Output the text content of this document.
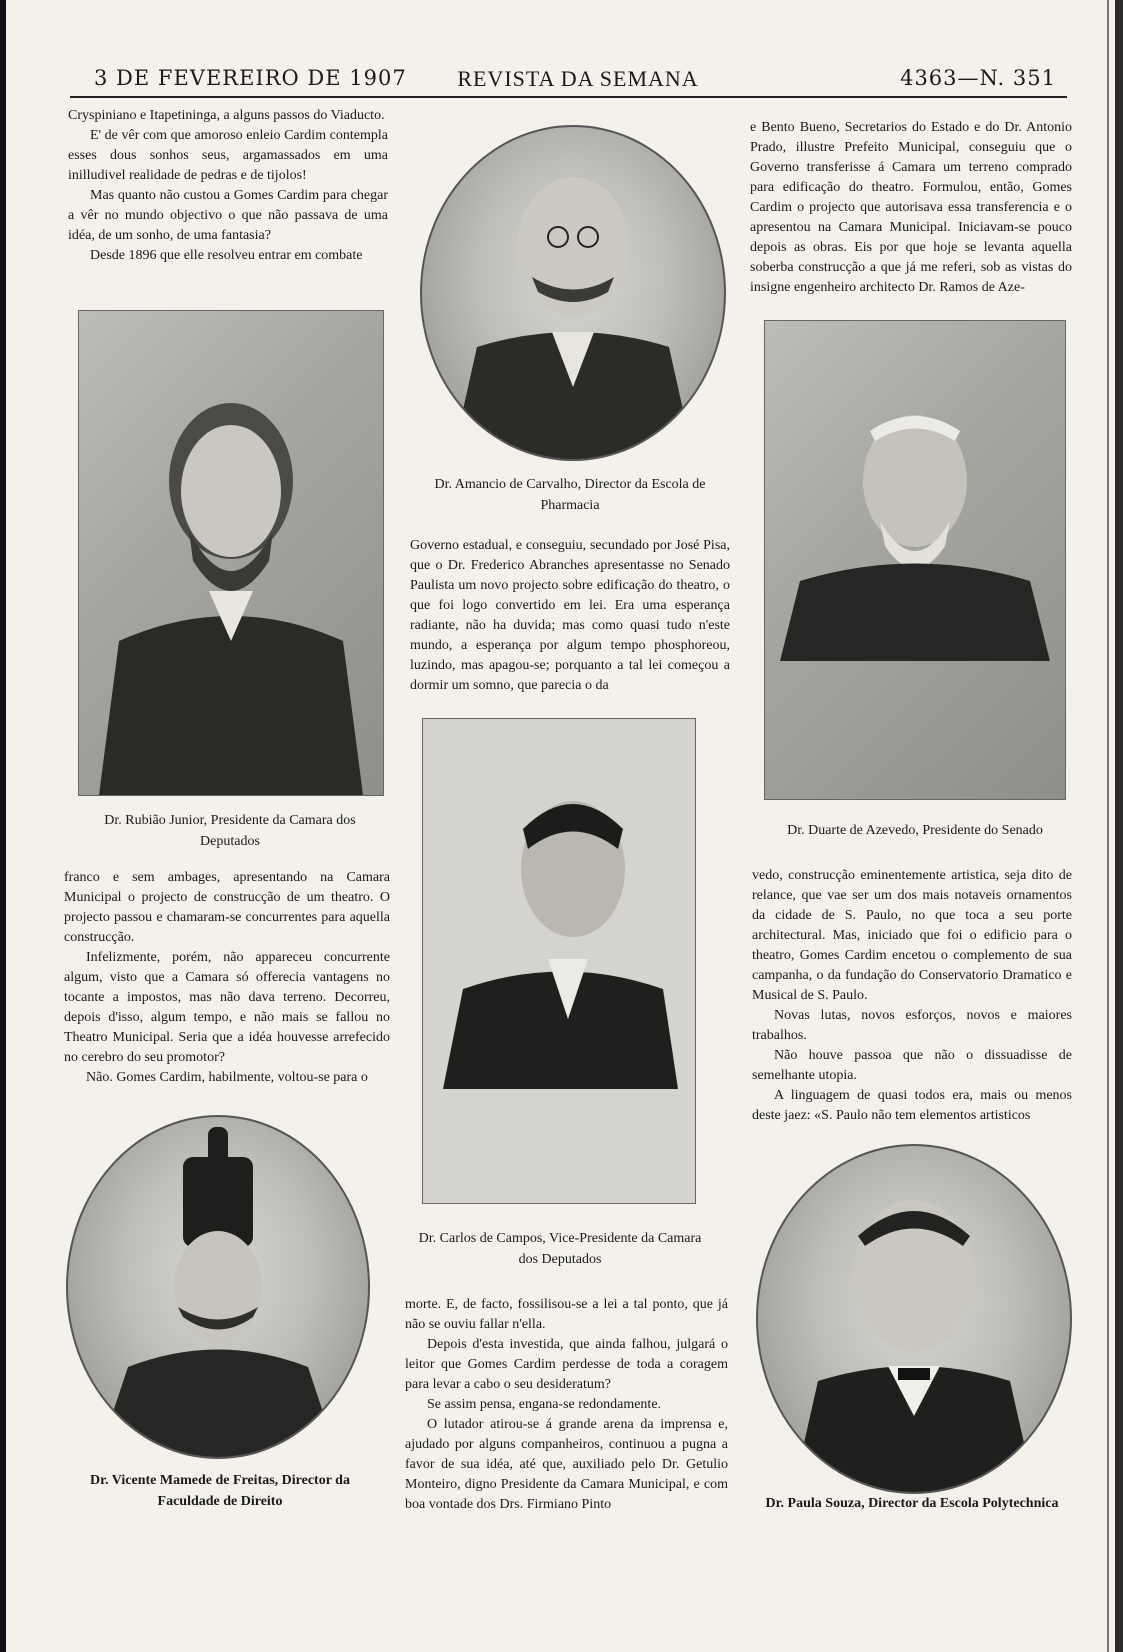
3 DE FEVEREIRO DE 1907	REVISTA DA SEMANA	4363—N. 351

Cryspiniano e Itapetininga, a alguns passos do Viaducto.

E' de vêr com que amoroso enleio Cardim contempla esses dous sonhos seus, argamassados em uma inilludivel realidade de pedras e de tijolos!

Mas quanto não custou a Gomes Cardim para chegar a vêr no mundo objectivo o que não passava de uma idéa, de um sonho, de uma fantasia?

Desde 1896 que elle resolveu entrar em combate

Dr. Rubião Junior, Presidente da Camara dos Deputados

franco e sem ambages, apresentando na Camara Municipal o projecto de construcção de um theatro. O projecto passou e chamaram-se concurrentes para aquella construcção.

Infelizmente, porém, não appareceu concurrente algum, visto que a Camara só offerecia vantagens no tocante a impostos, mas não dava terreno. Decorreu, depois d'isso, algum tempo, e não mais se fallou no Theatro Municipal. Seria que a idéa houvesse arrefecido no cerebro do seu promotor?

Não. Gomes Cardim, habilmente, voltou-se para o

Dr. Vicente Mamede de Freitas, Director da Faculdade de Direito
Dr. Amancio de Carvalho, Director da Escola de Pharmacia

Governo estadual, e conseguiu, secundado por José Pisa, que o Dr. Frederico Abranches apresentasse no Senado Paulista um novo projecto sobre edificação do theatro, o que foi logo convertido em lei. Era uma esperança radiante, não ha duvida; mas como quasi tudo n'este mundo, a esperança por algum tempo phosphoreou, luzindo, mas apagou-se; porquanto a tal lei começou a dormir um somno, que parecia o da

Dr. Carlos de Campos, Vice-Presidente da Camara dos Deputados

morte. E, de facto, fossilisou-se a lei a tal ponto, que já não se ouviu fallar n'ella.

Depois d'esta investida, que ainda falhou, julgará o leitor que Gomes Cardim perdesse de toda a coragem para levar a cabo o seu desideratum?

Se assim pensa, engana-se redondamente.

O lutador atirou-se á grande arena da imprensa e, ajudado por alguns companheiros, continuou a pugna a favor de sua idéa, até que, auxiliado pelo Dr. Getulio Monteiro, digno Presidente da Camara Municipal, e com boa vontade dos Drs. Firmiano Pinto

e Bento Bueno, Secretarios do Estado e do Dr. Antonio Prado, illustre Prefeito Municipal, conseguiu que o Governo transferisse á Camara um terreno comprado para edificação do theatro. Formulou, então, Gomes Cardim o projecto que autorisava essa transferencia e o apresentou na Camara Municipal. Iniciavam-se pouco depois as obras. Eis por que hoje se levanta aquella soberba construcção a que já me referi, sob as vistas do insigne engenheiro architecto Dr. Ramos de Aze-

Dr. Duarte de Azevedo, Presidente do Senado

vedo, construcção eminentemente artistica, seja dito de relance, que vae ser um dos mais notaveis ornamentos da cidade de S. Paulo, no que toca a seu porte architectural. Mas, iniciado que foi o edificio para o theatro, Gomes Cardim encetou o complemento de sua campanha, o da fundação do Conservatorio Dramatico e Musical de S. Paulo.

Novas lutas, novos esforços, novos e maiores trabalhos.

Não houve passoa que não o dissuadisse de semelhante utopia.

A linguagem de quasi todos era, mais ou menos deste jaez: «S. Paulo não tem elementos artisticos

Dr. Paula Souza, Director da Escola Polytechnica
